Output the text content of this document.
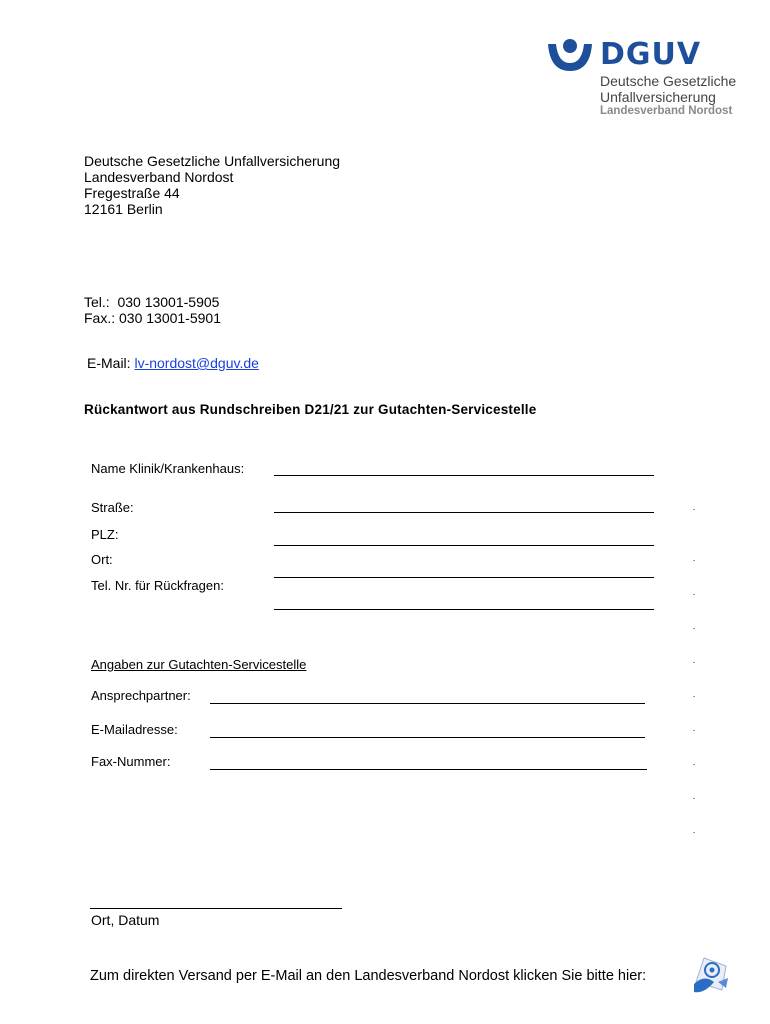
DGUV
Deutsche Gesetzliche
Unfallversicherung
Landesverband Nordost
Deutsche Gesetzliche Unfallversicherung
Landesverband Nordost
Fregestraße 44
12161 Berlin
Tel.:  030 13001-5905
Fax.: 030 13001-5901
E-Mail: lv-nordost@dguv.de
Rückantwort aus Rundschreiben D21/21 zur Gutachten-Servicestelle
Name Klinik/Krankenhaus:
Straße:
PLZ:
Ort:
Tel. Nr. für Rückfragen:
Angaben zur Gutachten-Servicestelle
Ansprechpartner:
E-Mailadresse:
Fax-Nummer:
Ort, Datum
Zum direkten Versand per E-Mail an den Landesverband Nordost klicken Sie bitte hier:
